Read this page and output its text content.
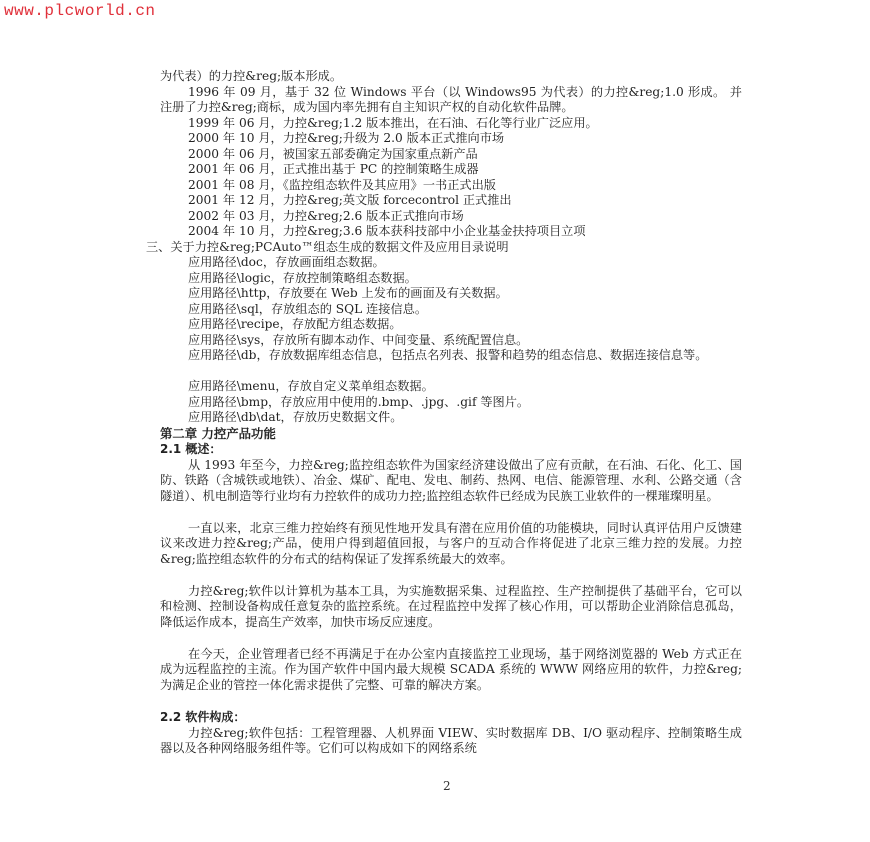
www.plcworld.cn
为代表）的力控&reg;版本形成。
1996 年 09 月，基于 32 位 Windows 平台（以 Windows95 为代表）的力控&reg;1.0 形成。 并注册了力控&reg;商标，成为国内率先拥有自主知识产权的自动化软件品牌。
1999 年 06 月，力控&reg;1.2 版本推出，在石油、石化等行业广泛应用。
2000 年 10 月，力控&reg;升级为 2.0 版本正式推向市场
2000 年 06 月，被国家五部委确定为国家重点新产品
2001 年 06 月，正式推出基于 PC 的控制策略生成器
2001 年 08 月，《监控组态软件及其应用》一书正式出版
2001 年 12 月，力控&reg;英文版 forcecontrol 正式推出
2002 年 03 月，力控&reg;2.6 版本正式推向市场
2004 年 10 月，力控&reg;3.6 版本获科技部中小企业基金扶持项目立项
三、关于力控&reg;PCAuto™组态生成的数据文件及应用目录说明
应用路径\doc，存放画面组态数据。
应用路径\logic，存放控制策略组态数据。
应用路径\http，存放要在 Web 上发布的画面及有关数据。
应用路径\sql，存放组态的 SQL 连接信息。
应用路径\recipe，存放配方组态数据。
应用路径\sys，存放所有脚本动作、中间变量、系统配置信息。
应用路径\db，存放数据库组态信息，包括点名列表、报警和趋势的组态信息、数据连接信息等。
应用路径\menu，存放自定义菜单组态数据。
应用路径\bmp，存放应用中使用的.bmp、.jpg、.gif 等图片。
应用路径\db\dat，存放历史数据文件。
第二章 力控产品功能
2.1 概述：
从 1993 年至今，力控&reg;监控组态软件为国家经济建设做出了应有贡献，在石油、石化、化工、国防、铁路（含城铁或地铁）、冶金、煤矿、配电、发电、制药、热网、电信、能源管理、水利、公路交通（含隧道）、机电制造等行业均有力控软件的成功力控;监控组态软件已经成为民族工业软件的一棵璀璨明星。
一直以来，北京三维力控始终有预见性地开发具有潜在应用价值的功能模块，同时认真评估用户反馈建议来改进力控&reg;产品，使用户得到超值回报，与客户的互动合作将促进了北京三维力控的发展。力控&reg;监控组态软件的分布式的结构保证了发挥系统最大的效率。
力控&reg;软件以计算机为基本工具，为实施数据采集、过程监控、生产控制提供了基础平台，它可以和检测、控制设备构成任意复杂的监控系统。在过程监控中发挥了核心作用，可以帮助企业消除信息孤岛，降低运作成本，提高生产效率，加快市场反应速度。
在今天，企业管理者已经不再满足于在办公室内直接监控工业现场，基于网络浏览器的 Web 方式正在成为远程监控的主流。作为国产软件中国内最大规模 SCADA 系统的 WWW 网络应用的软件，力控&reg;为满足企业的管控一体化需求提供了完整、可靠的解决方案。
2.2 软件构成：
力控&reg;软件包括：工程管理器、人机界面 VIEW、实时数据库 DB、I/O 驱动程序、控制策略生成器以及各种网络服务组件等。它们可以构成如下的网络系统
2
